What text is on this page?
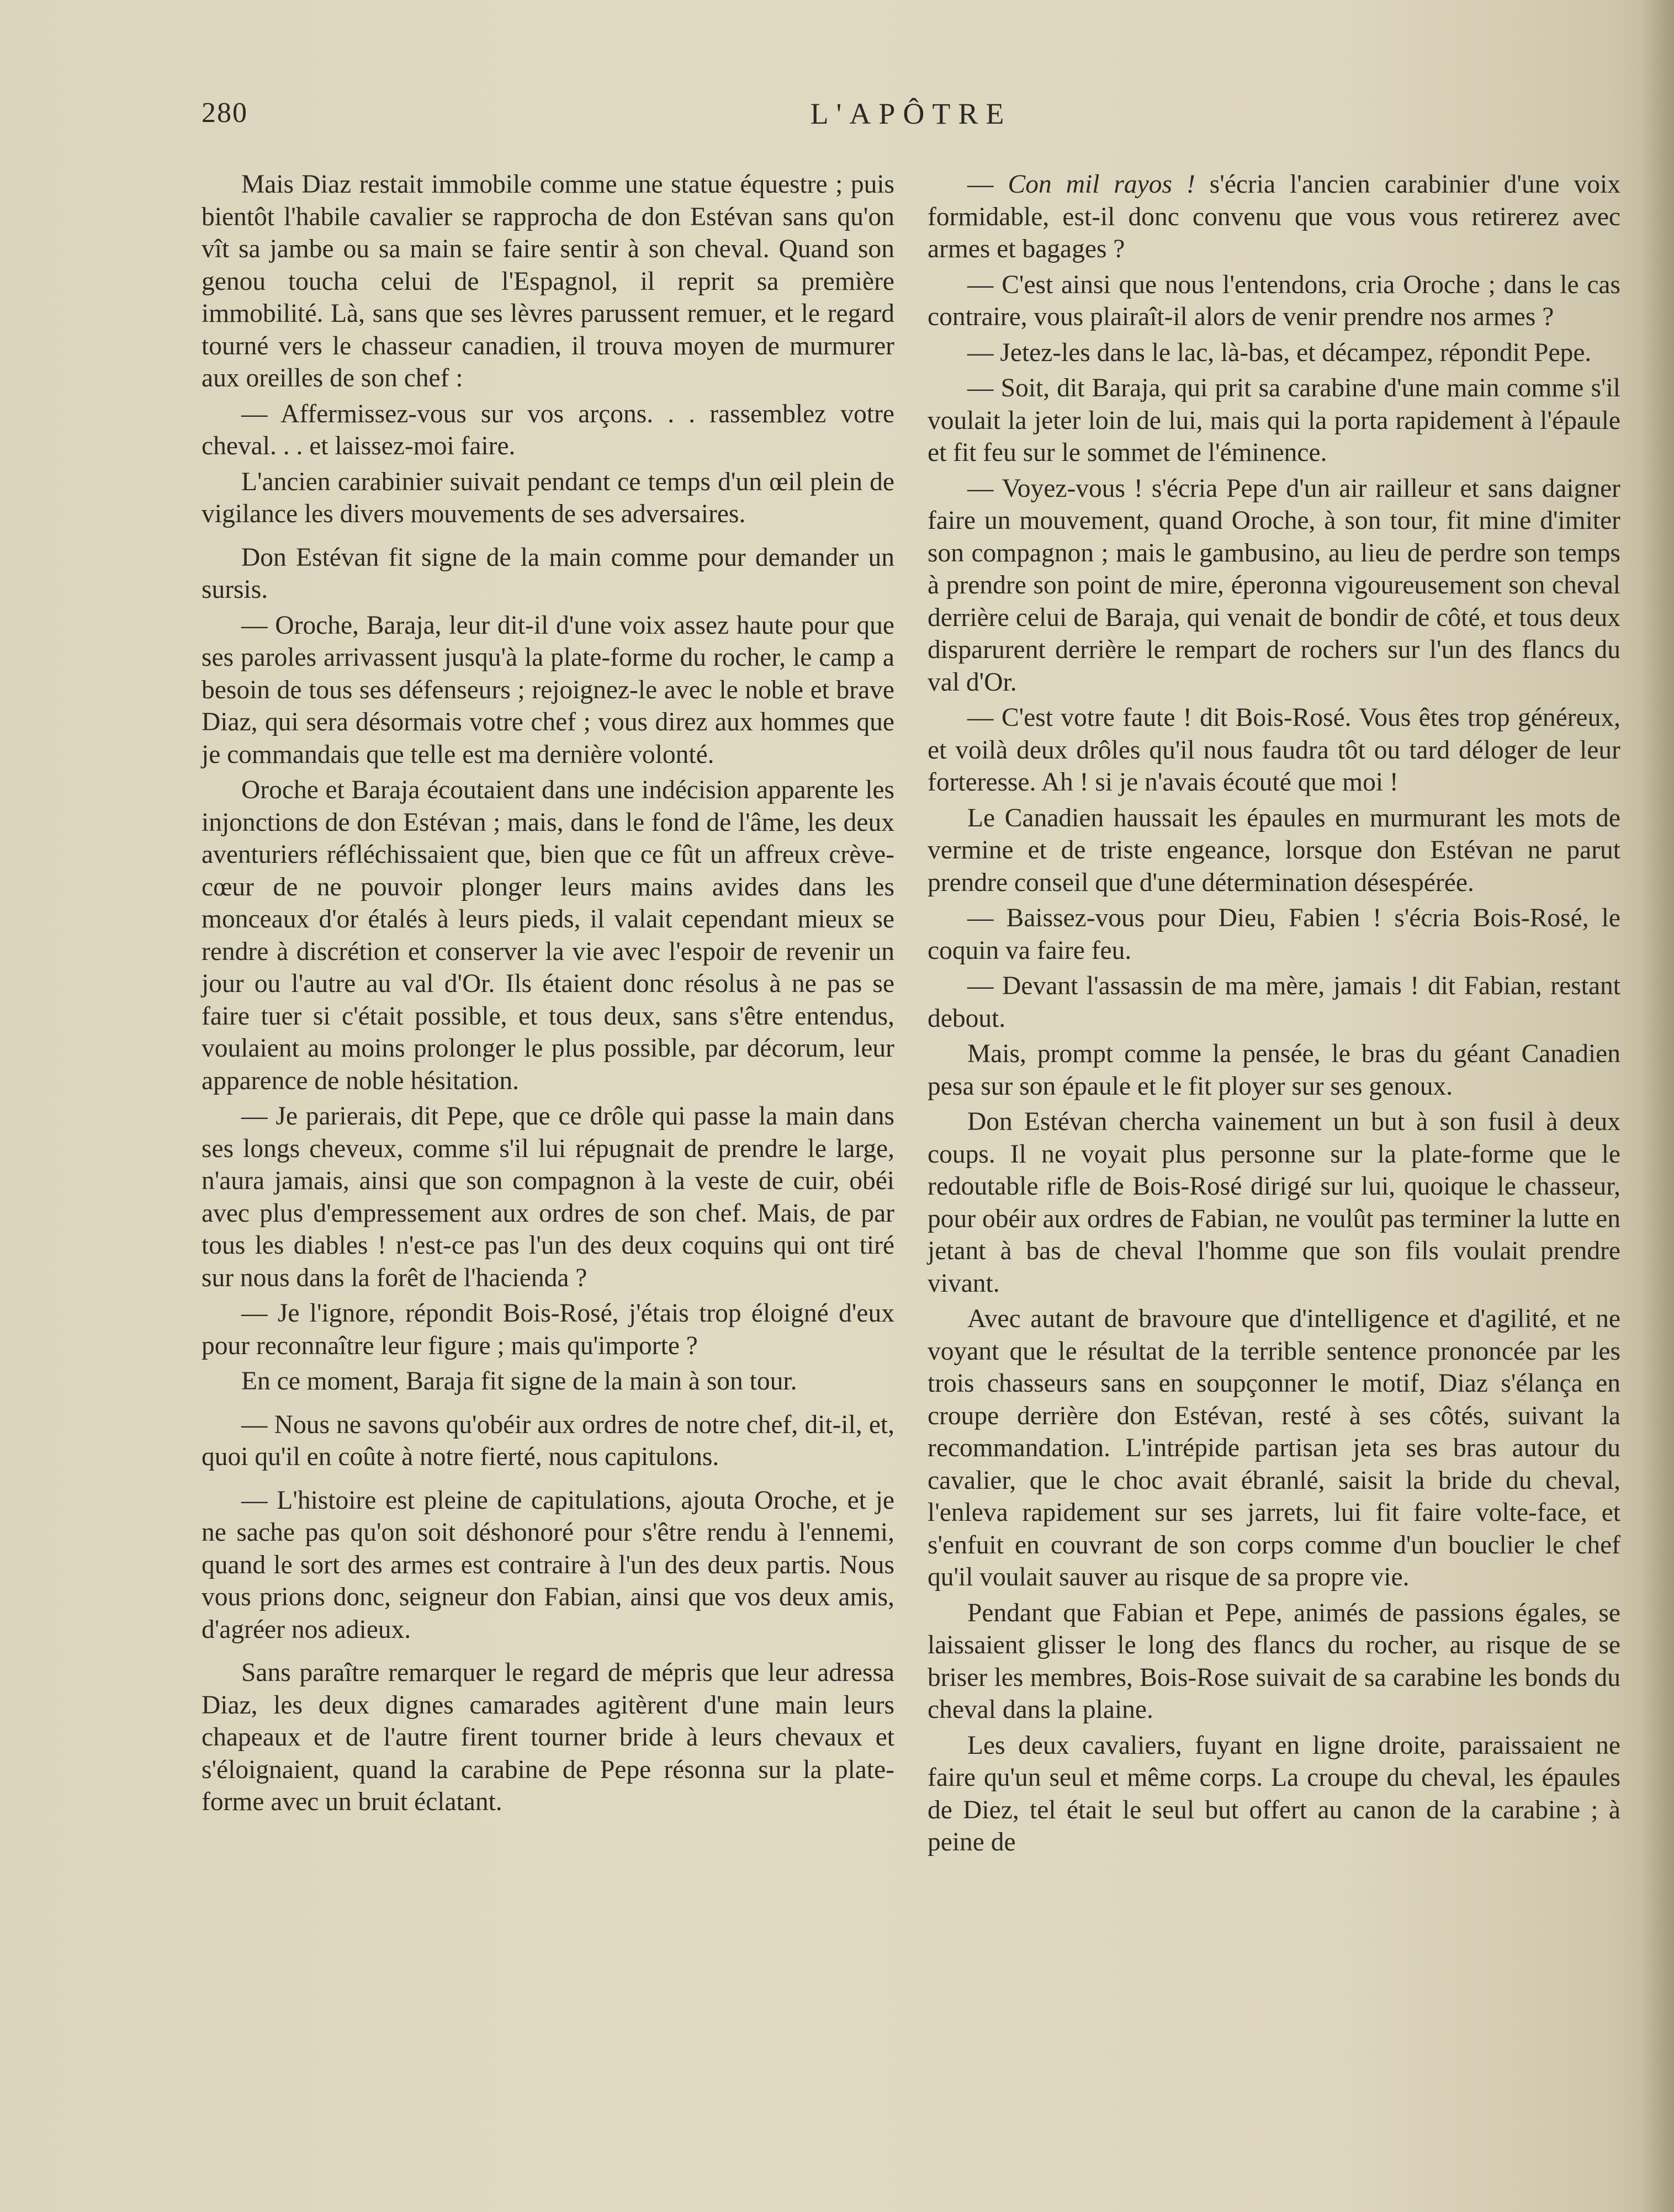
280	L'APÔTRE

Mais Diaz restait immobile comme une statue équestre ; puis bientôt l'habile cavalier se rapprocha de don Estévan sans qu'on vît sa jambe ou sa main se faire sentir à son cheval. Quand son genou toucha celui de l'Espagnol, il reprit sa première immobilité. Là, sans que ses lèvres parussent remuer, et le regard tourné vers le chasseur canadien, il trouva moyen de murmurer aux oreilles de son chef :

— Affermissez-vous sur vos arçons. . . rassemblez votre cheval. . . et laissez-moi faire.

L'ancien carabinier suivait pendant ce temps d'un œil plein de vigilance les divers mouvements de ses adversaires.

Don Estévan fit signe de la main comme pour demander un sursis.

— Oroche, Baraja, leur dit-il d'une voix assez haute pour que ses paroles arrivassent jusqu'à la plate-forme du rocher, le camp a besoin de tous ses défenseurs ; rejoignez-le avec le noble et brave Diaz, qui sera désormais votre chef ; vous direz aux hommes que je commandais que telle est ma dernière volonté.

Oroche et Baraja écoutaient dans une indécision apparente les injonctions de don Estévan ; mais, dans le fond de l'âme, les deux aventuriers réfléchissaient que, bien que ce fût un affreux crève-cœur de ne pouvoir plonger leurs mains avides dans les monceaux d'or étalés à leurs pieds, il valait cependant mieux se rendre à discrétion et conserver la vie avec l'espoir de revenir un jour ou l'autre au val d'Or. Ils étaient donc résolus à ne pas se faire tuer si c'était possible, et tous deux, sans s'être entendus, voulaient au moins prolonger le plus possible, par décorum, leur apparence de noble hésitation.

— Je parierais, dit Pepe, que ce drôle qui passe la main dans ses longs cheveux, comme s'il lui répugnait de prendre le large, n'aura jamais, ainsi que son compagnon à la veste de cuir, obéi avec plus d'empressement aux ordres de son chef. Mais, de par tous les diables ! n'est-ce pas l'un des deux coquins qui ont tiré sur nous dans la forêt de l'hacienda ?

— Je l'ignore, répondit Bois-Rosé, j'étais trop éloigné d'eux pour reconnaître leur figure ; mais qu'importe ?

En ce moment, Baraja fit signe de la main à son tour.

— Nous ne savons qu'obéir aux ordres de notre chef, dit-il, et, quoi qu'il en coûte à notre fierté, nous capitulons.

— L'histoire est pleine de capitulations, ajouta Oroche, et je ne sache pas qu'on soit déshonoré pour s'être rendu à l'ennemi, quand le sort des armes est contraire à l'un des deux partis. Nous vous prions donc, seigneur don Fabian, ainsi que vos deux amis, d'agréer nos adieux.

Sans paraître remarquer le regard de mépris que leur adressa Diaz, les deux dignes camarades agitèrent d'une main leurs chapeaux et de l'autre firent tourner bride à leurs chevaux et s'éloignaient, quand la carabine de Pepe résonna sur la plate-forme avec un bruit éclatant.

— Con mil rayos ! s'écria l'ancien carabinier d'une voix formidable, est-il donc convenu que vous vous retirerez avec armes et bagages ?

— C'est ainsi que nous l'entendons, cria Oroche ; dans le cas contraire, vous plairaît-il alors de venir prendre nos armes ?

— Jetez-les dans le lac, là-bas, et décampez, répondit Pepe.

— Soit, dit Baraja, qui prit sa carabine d'une main comme s'il voulait la jeter loin de lui, mais qui la porta rapidement à l'épaule et fit feu sur le sommet de l'éminence.

— Voyez-vous ! s'écria Pepe d'un air railleur et sans daigner faire un mouvement, quand Oroche, à son tour, fit mine d'imiter son compagnon ; mais le gambusino, au lieu de perdre son temps à prendre son point de mire, éperonna vigoureusement son cheval derrière celui de Baraja, qui venait de bondir de côté, et tous deux disparurent derrière le rempart de rochers sur l'un des flancs du val d'Or.

— C'est votre faute ! dit Bois-Rosé. Vous êtes trop généreux, et voilà deux drôles qu'il nous faudra tôt ou tard déloger de leur forteresse. Ah ! si je n'avais écouté que moi !

Le Canadien haussait les épaules en murmurant les mots de vermine et de triste engeance, lorsque don Estévan ne parut prendre conseil que d'une détermination désespérée.

— Baissez-vous pour Dieu, Fabien ! s'écria Bois-Rosé, le coquin va faire feu.

— Devant l'assassin de ma mère, jamais ! dit Fabian, restant debout.

Mais, prompt comme la pensée, le bras du géant Canadien pesa sur son épaule et le fit ployer sur ses genoux.

Don Estévan chercha vainement un but à son fusil à deux coups. Il ne voyait plus personne sur la plate-forme que le redoutable rifle de Bois-Rosé dirigé sur lui, quoique le chasseur, pour obéir aux ordres de Fabian, ne voulût pas terminer la lutte en jetant à bas de cheval l'homme que son fils voulait prendre vivant.

Avec autant de bravoure que d'intelligence et d'agilité, et ne voyant que le résultat de la terrible sentence prononcée par les trois chasseurs sans en soupçonner le motif, Diaz s'élança en croupe derrière don Estévan, resté à ses côtés, suivant la recommandation. L'intrépide partisan jeta ses bras autour du cavalier, que le choc avait ébranlé, saisit la bride du cheval, l'enleva rapidement sur ses jarrets, lui fit faire volte-face, et s'enfuit en couvrant de son corps comme d'un bouclier le chef qu'il voulait sauver au risque de sa propre vie.

Pendant que Fabian et Pepe, animés de passions égales, se laissaient glisser le long des flancs du rocher, au risque de se briser les membres, Bois-Rose suivait de sa carabine les bonds du cheval dans la plaine.

Les deux cavaliers, fuyant en ligne droite, paraissaient ne faire qu'un seul et même corps. La croupe du cheval, les épaules de Diez, tel était le seul but offert au canon de la carabine ; à peine de
